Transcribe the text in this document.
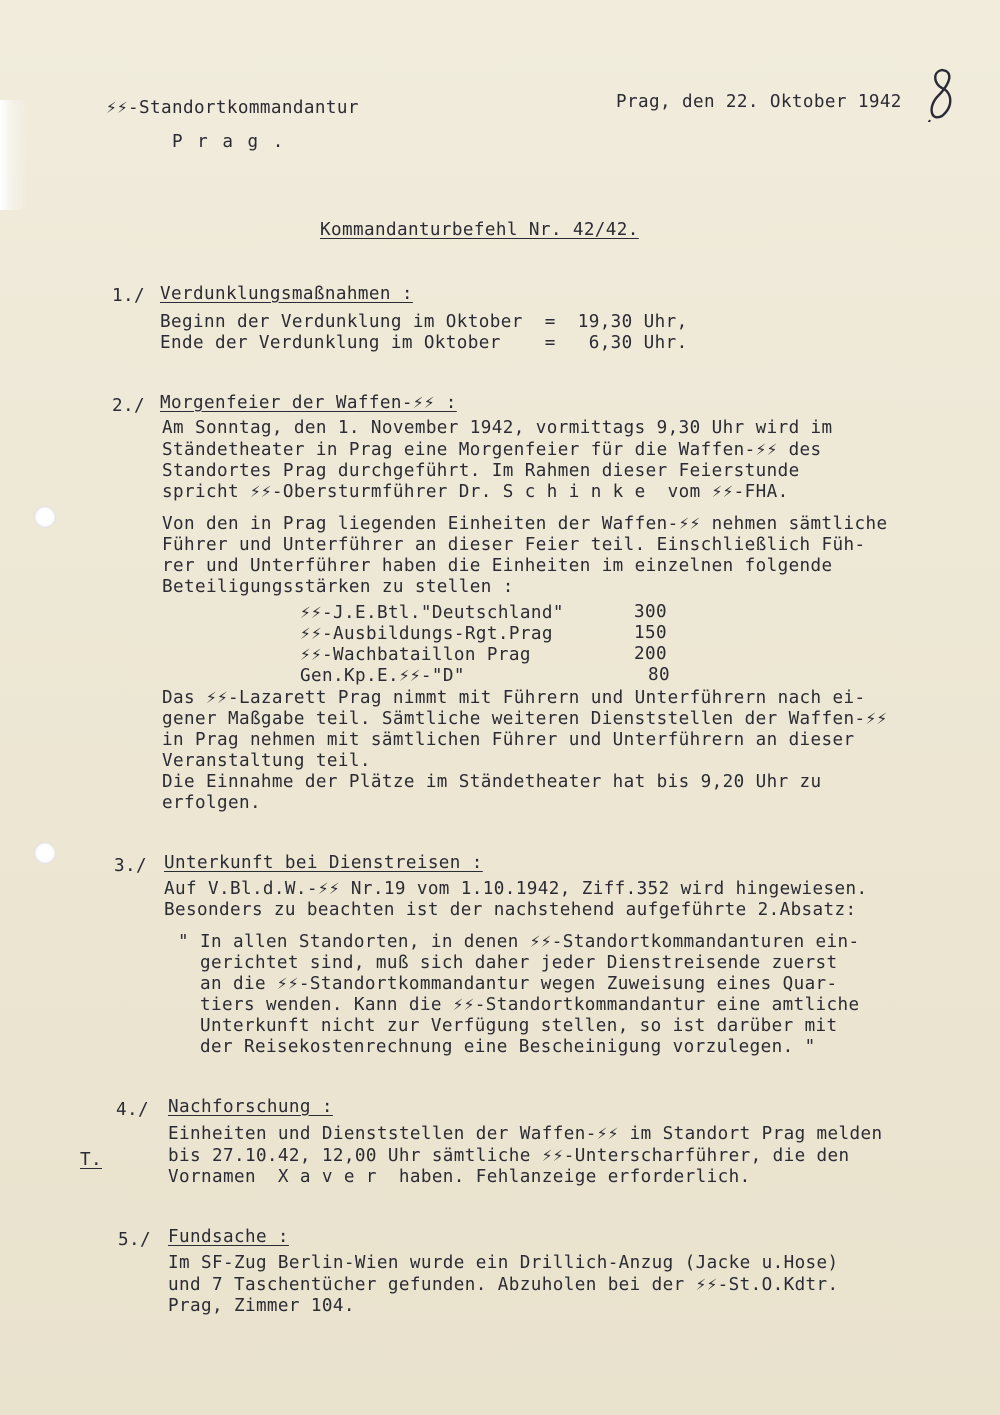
⚡⚡-Standortkommandantur
P r a g .
Prag, den 22. Oktober 1942
Kommandanturbefehl Nr. 42/42.
1./ Verdunklungsmaßnahmen :
Beginn der Verdunklung im Oktober  =  19,30 Uhr,
Ende der Verdunklung im Oktober    =   6,30 Uhr.
2./ Morgenfeier der Waffen-⚡⚡ :
Am Sonntag, den 1. November 1942, vormittags 9,30 Uhr wird im
Ständetheater in Prag eine Morgenfeier für die Waffen-⚡⚡ des
Standortes Prag durchgeführt. Im Rahmen dieser Feierstunde
spricht ⚡⚡-Obersturmführer Dr. S c h i n k e  vom ⚡⚡-FHA.
Von den in Prag liegenden Einheiten der Waffen-⚡⚡ nehmen sämtliche
Führer und Unterführer an dieser Feier teil. Einschließlich Füh-
rer und Unterführer haben die Einheiten im einzelnen folgende
Beteiligungsstärken zu stellen :
⚡⚡-J.E.Btl."Deutschland"	300
⚡⚡-Ausbildungs-Rgt.Prag	150
⚡⚡-Wachbataillon Prag	200
Gen.Kp.E.⚡⚡-"D"	80
Das ⚡⚡-Lazarett Prag nimmt mit Führern und Unterführern nach ei-
gener Maßgabe teil. Sämtliche weiteren Dienststellen der Waffen-⚡⚡
in Prag nehmen mit sämtlichen Führer und Unterführern an dieser
Veranstaltung teil.
Die Einnahme der Plätze im Ständetheater hat bis 9,20 Uhr zu
erfolgen.
3./ Unterkunft bei Dienstreisen :
Auf V.Bl.d.W.-⚡⚡ Nr.19 vom 1.10.1942, Ziff.352 wird hingewiesen.
Besonders zu beachten ist der nachstehend aufgeführte 2.Absatz:
" In allen Standorten, in denen ⚡⚡-Standortkommandanturen ein-
gerichtet sind, muß sich daher jeder Dienstreisende zuerst
an die ⚡⚡-Standortkommandantur wegen Zuweisung eines Quar-
tiers wenden. Kann die ⚡⚡-Standortkommandantur eine amtliche
Unterkunft nicht zur Verfügung stellen, so ist darüber mit
der Reisekostenrechnung eine Bescheinigung vorzulegen. "
4./ Nachforschung :
T.
Einheiten und Dienststellen der Waffen-⚡⚡ im Standort Prag melden
bis 27.10.42, 12,00 Uhr sämtliche ⚡⚡-Unterscharführer, die den
Vornamen  X a v e r  haben. Fehlanzeige erforderlich.
5./ Fundsache :
Im SF-Zug Berlin-Wien wurde ein Drillich-Anzug (Jacke u.Hose)
und 7 Taschentücher gefunden. Abzuholen bei der ⚡⚡-St.O.Kdtr.
Prag, Zimmer 104.
